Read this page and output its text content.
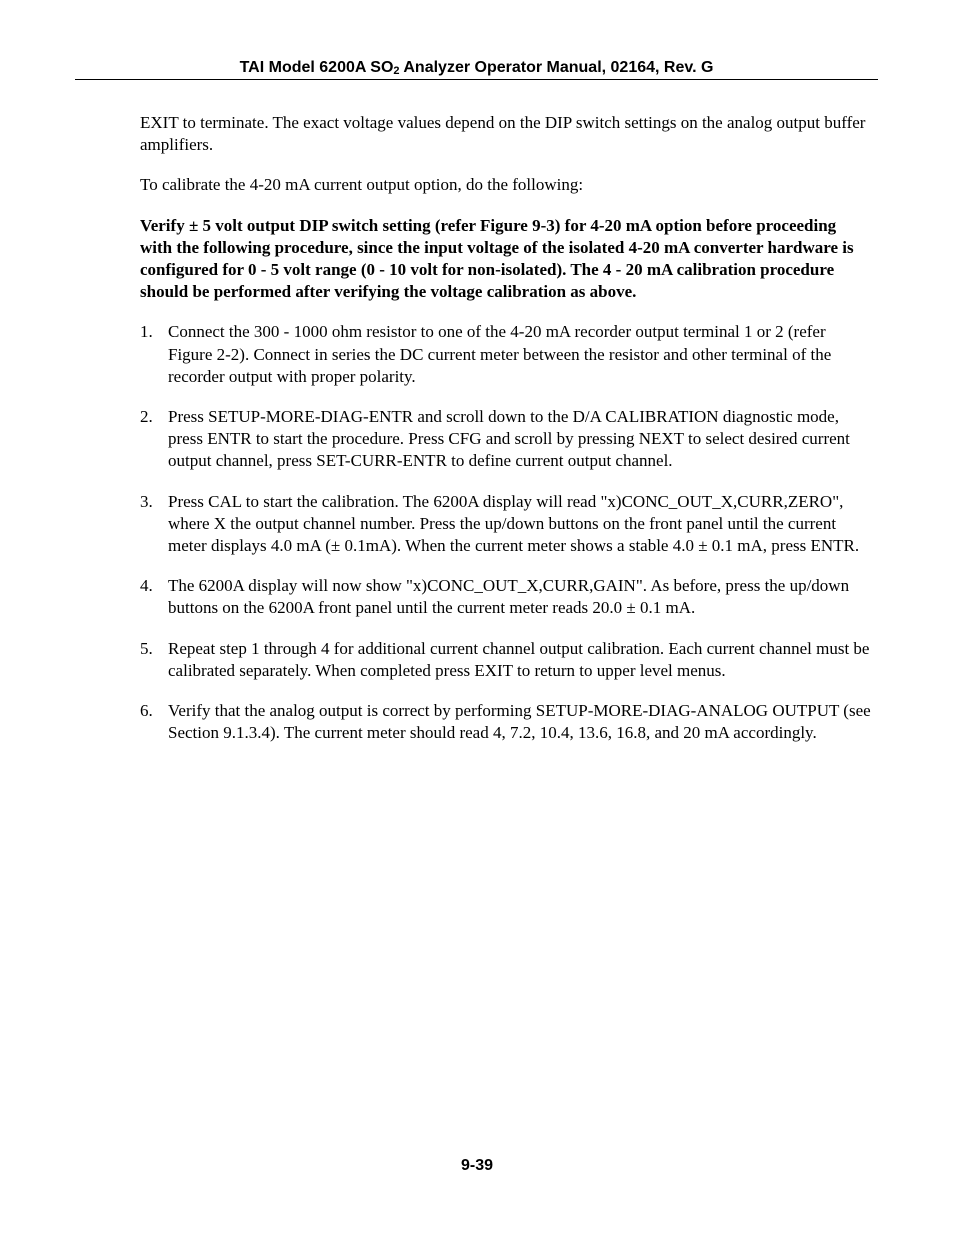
TAI Model 6200A $SO_2$ Analyzer Operator Manual, 02164, Rev. G

EXIT to terminate. The exact voltage values depend on the DIP switch settings on the analog output buffer amplifiers.

To calibrate the 4-20 mA current output option, do the following:

Verify ± 5 volt output DIP switch setting (refer Figure 9-3) for 4-20 mA option before proceeding with the following procedure, since the input voltage of the isolated 4-20 mA converter hardware is configured for 0 - 5 volt range (0 - 10 volt for non-isolated). The 4 - 20 mA calibration procedure should be performed after verifying the voltage calibration as above.

1. Connect the 300 - 1000 ohm resistor to one of the 4-20 mA recorder output terminal 1 or 2 (refer Figure 2-2). Connect in series the DC current meter between the resistor and other terminal of the recorder output with proper polarity.
2. Press SETUP-MORE-DIAG-ENTR and scroll down to the D/A CALIBRATION diagnostic mode, press ENTR to start the procedure. Press CFG and scroll by pressing NEXT to select desired current output channel, press SET-CURR-ENTR to define current output channel.
3. Press CAL to start the calibration. The 6200A display will read "x)CONC_OUT_X,CURR,ZERO", where X the output channel number. Press the up/down buttons on the front panel until the current meter displays 4.0 mA (± 0.1mA). When the current meter shows a stable 4.0 ± 0.1 mA, press ENTR.
4. The 6200A display will now show "x)CONC_OUT_X,CURR,GAIN". As before, press the up/down buttons on the 6200A front panel until the current meter reads 20.0 ± 0.1 mA.
5. Repeat step 1 through 4 for additional current channel output calibration. Each current channel must be calibrated separately. When completed press EXIT to return to upper level menus.
6. Verify that the analog output is correct by performing SETUP-MORE-DIAG-ANALOG OUTPUT (see Section 9.1.3.4). The current meter should read 4, 7.2, 10.4, 13.6, 16.8, and 20 mA accordingly.
9-39
